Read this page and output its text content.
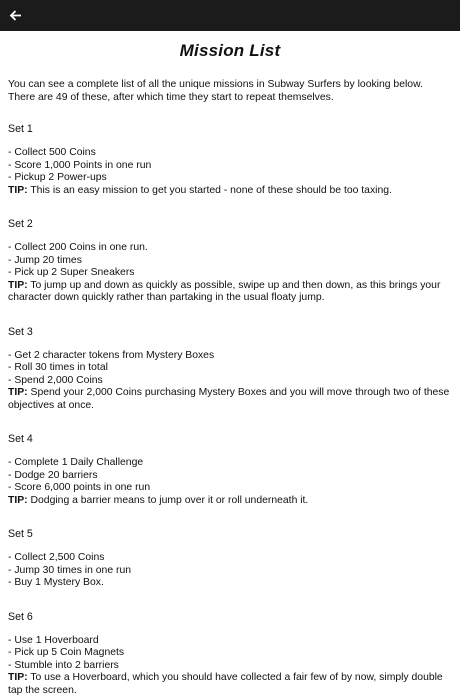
Mission List

You can see a complete list of all the unique missions in Subway Surfers by looking below. There are 49 of these, after which time they start to repeat themselves.

Set 1
- Collect 500 Coins
- Score 1,000 Points in one run
- Pickup 2 Power-ups
TIP: This is an easy mission to get you started - none of these should be too taxing.
Set 2
- Collect 200 Coins in one run.
- Jump 20 times
- Pick up 2 Super Sneakers
TIP: To jump up and down as quickly as possible, swipe up and then down, as this brings your character down quickly rather than partaking in the usual floaty jump.
Set 3
- Get 2 character tokens from Mystery Boxes
- Roll 30 times in total
- Spend 2,000 Coins
TIP: Spend your 2,000 Coins purchasing Mystery Boxes and you will move through two of these objectives at once.
Set 4
- Complete 1 Daily Challenge
- Dodge 20 barriers
- Score 6,000 points in one run
TIP: Dodging a barrier means to jump over it or roll underneath it.
Set 5
- Collect 2,500 Coins
- Jump 30 times in one run
- Buy 1 Mystery Box.
Set 6
- Use 1 Hoverboard
- Pick up 5 Coin Magnets
- Stumble into 2 barriers
TIP: To use a Hoverboard, which you should have collected a fair few of by now, simply double tap the screen.
